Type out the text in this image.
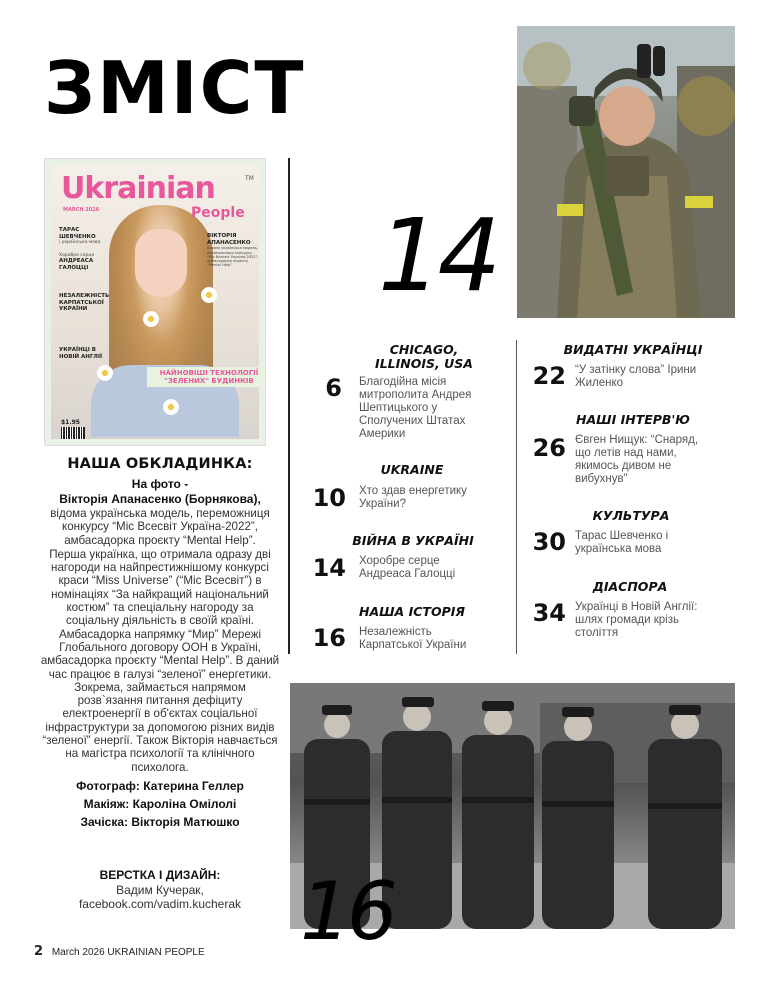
ЗМІСТ
Ukrainian
People
TM
MARCH 2026
ТАРАС ШЕВЧЕНКО
і українська мова
Хоробре серце
АНДРЕАСА ГАЛОЦЦІ
НЕЗАЛЕЖНІСТЬ КАРПАТСЬКОЇ УКРАЇНИ
УКРАЇНЦІ В НОВІЙ АНГЛІЇ
ВІКТОРІЯ АПАНАСЕНКО
Відома українська модель, переможниця конкурсу "Міс Всесвіт Україна-2022", амбасадорка проєкту "Mental Help"
НАЙНОВІШІ ТЕХНОЛОГІЇ "ЗЕЛЕНИХ" БУДИНКІВ
$1.95
НАША ОБКЛАДИНКА:
На фото -
Вікторія Апанасенко (Борнякова),
відома українська модель, переможниця конкурсу “Міс Всесвіт Україна-2022”, амбасадорка проєкту “Mental Help”.
Перша українка, що отримала одразу дві нагороди на найпрестижнішому конкурсі краси “Miss Universe” (“Міс Всесвіт”) в номінаціях “За найкращий національний костюм” та спеціальну нагороду за соціальну діяльність в своїй країні. Амбасадорка напрямку “Мир” Мережі Глобального договору ООН в Україні, амбасадорка проєкту “Mental Help”. В даний час працює в галузі “зеленої” енергетики. Зокрема, займається напрямом розв`язання питання дефіциту електроенергії в об'єктах соціальної інфраструктури за допомогою різних видів “зеленої” енергії. Також Вікторія навчається на магістра психології та клінічного психолога.
Фотограф: Катерина Геллер
Макіяж: Кароліна Омілолі
Зачіска: Вікторія Матюшко
ВЕРСТКА І ДИЗАЙН:
Вадим Кучерак,
facebook.com/vadim.kucherak
14
CHICAGO, ILLINOIS, USA
6 Благодійна місія митрополита Андрея Шептицького у Сполучених Штатах Америки
UKRAINE
10 Хто здав енергетику України?
ВІЙНА В УКРАЇНІ
14 Хоробре серце Андреаса Галоцці
НАША ІСТОРІЯ
16 Незалежність Карпатської України
ВИДАТНІ УКРАЇНЦІ
22 “У затінку слова” Ірини Жиленко
НАШІ ІНТЕРВ'Ю
26 Євген Нищук: “Снаряд, що летів над нами, якимось дивом не вибухнув”
КУЛЬТУРА
30 Тарас Шевченко і українська мова
ДІАСПОРА
34 Українці в Новій Англії: шлях громади крізь століття
16
2 March 2026 UKRAINIAN PEOPLE
